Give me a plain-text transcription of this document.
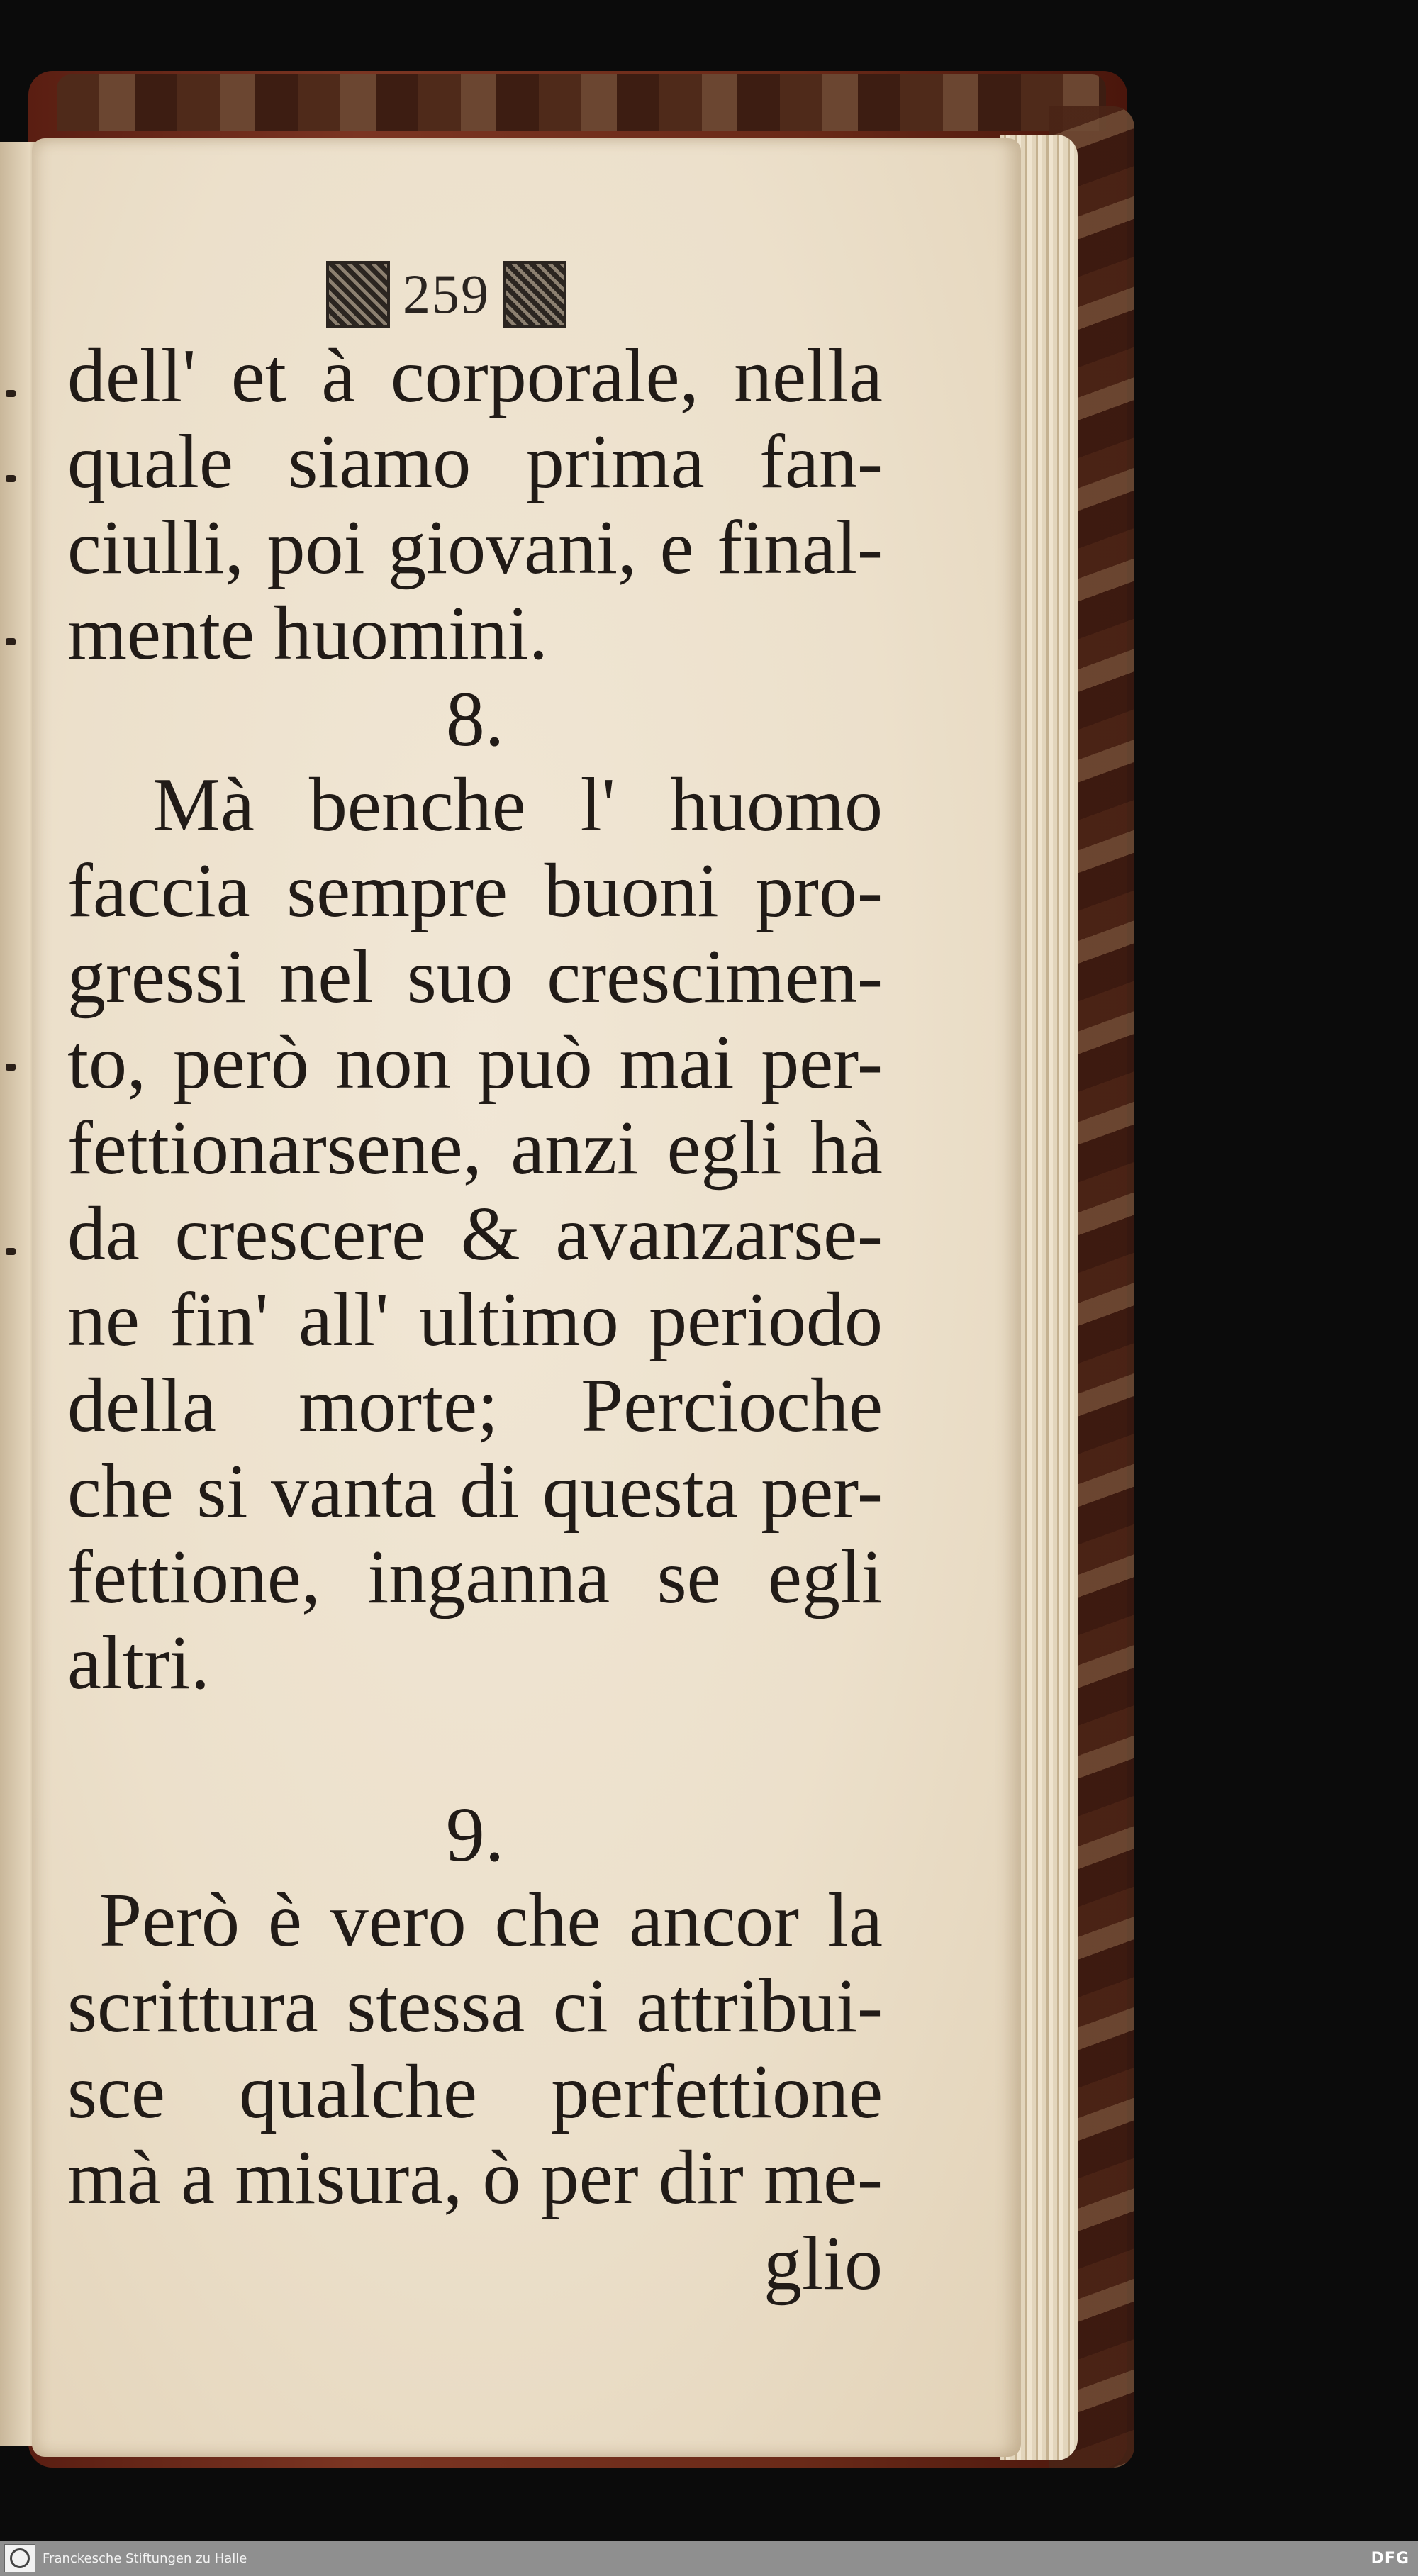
259
dell' et à corporale, nella
quale siamo prima fan-
ciulli, poi giovani, e final-
mente huomini.
8.
Mà benche l' huomo
faccia sempre buoni pro-
gressi nel suo crescimen-
to, però non può mai per-
fettionarsene, anzi egli hà
da crescere & avanzarse-
ne fin' all' ultimo periodo
della morte; Percioche
che si vanta di questa per-
fettione, inganna se egli
altri.
9.
Però è vero che ancor la
scrittura stessa ci attribui-
sce qualche perfettione
mà a misura, ò per dir me-
glio
Franckesche Stiftungen zu Halle	DFG
